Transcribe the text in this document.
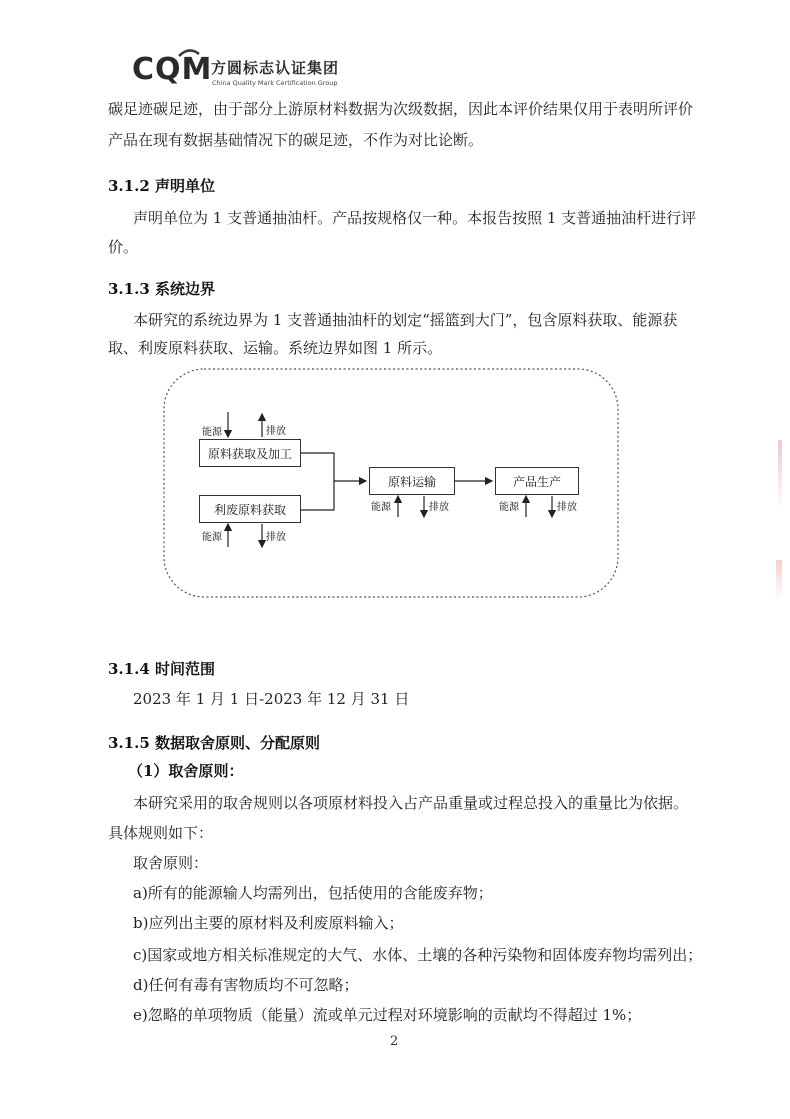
CQM
方圆标志认证集团
China Quality Mark Certification Group
碳足迹碳足迹，由于部分上游原材料数据为次级数据，因此本评价结果仅用于表明所评价
产品在现有数据基础情况下的碳足迹，不作为对比论断。
3.1.2 声明单位
声明单位为 1 支普通抽油杆。产品按规格仅一种。本报告按照 1 支普通抽油杆进行评
价。
3.1.3 系统边界
本研究的系统边界为 1 支普通抽油杆的划定“摇篮到大门”，包含原料获取、能源获
取、利废原料获取、运输。系统边界如图 1 所示。
原料获取及加工
利废原料获取
原料运输	产品生产
能源	排放
能源	排放
能源	排放	能源	排放
3.1.4 时间范围
2023 年 1 月 1 日-2023 年 12 月 31 日
3.1.5 数据取舍原则、分配原则
（1）取舍原则：
本研究采用的取舍规则以各项原材料投入占产品重量或过程总投入的重量比为依据。
具体规则如下：
取舍原则：
a)所有的能源输人均需列出，包括使用的含能废弃物；
b)应列出主要的原材料及利废原料输入；
c)国家或地方相关标准规定的大气、水体、土壤的各种污染物和固体废弃物均需列出；
d)任何有毒有害物质均不可忽略；
e)忽略的单项物质（能量）流或单元过程对环境影响的贡献均不得超过 1%；
2
